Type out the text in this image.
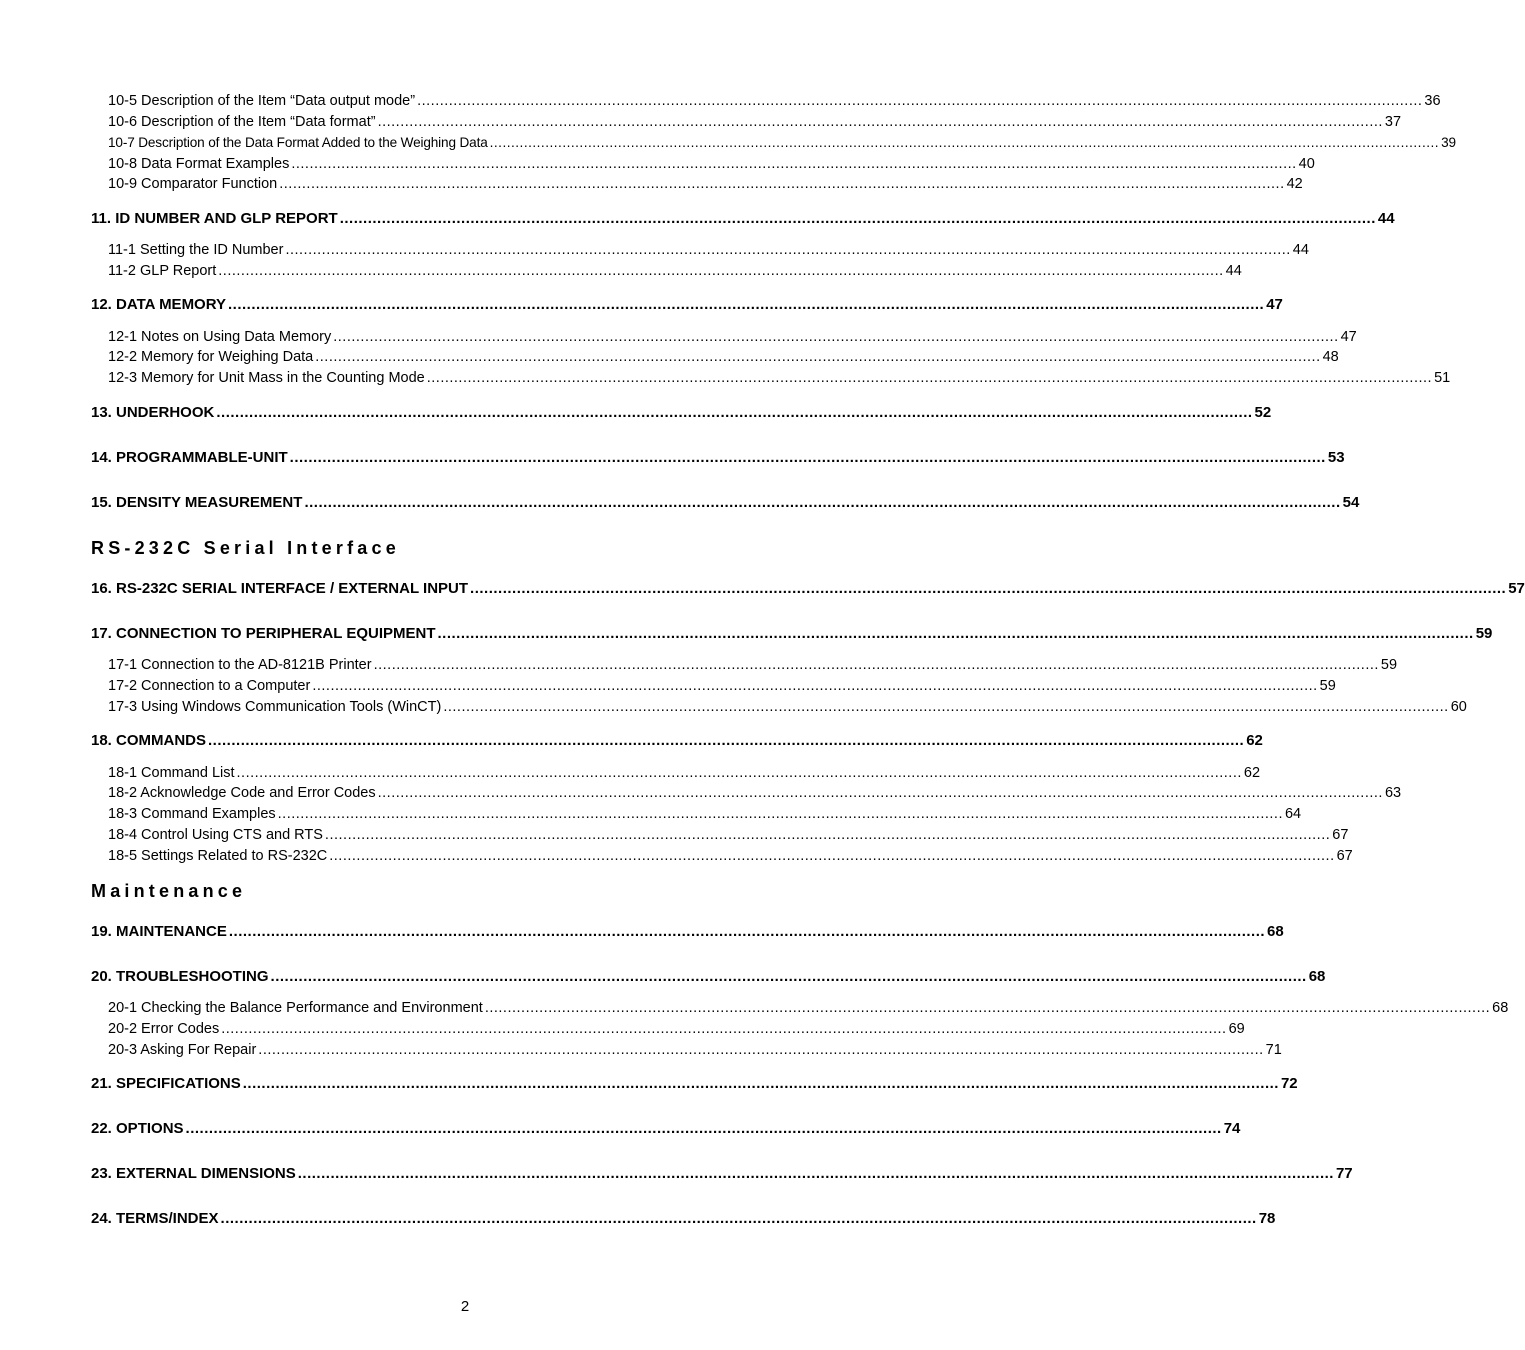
10-5 Description of the Item “Data output mode” .............................................................................................................................................................................................................................. 36
10-6 Description of the Item “Data format” .............................................................................................................................................................................................................................. 37
10-7 Description of the Data Format Added to the Weighing Data .............................................................................................................................................................................................................................. 39
10-8 Data Format Examples .............................................................................................................................................................................................................................. 40
10-9 Comparator Function .............................................................................................................................................................................................................................. 42
11. ID NUMBER AND GLP REPORT .............................................................................................................................................................................................................................. 44
11-1 Setting the ID Number .............................................................................................................................................................................................................................. 44
11-2 GLP Report .............................................................................................................................................................................................................................. 44
12. DATA MEMORY .............................................................................................................................................................................................................................. 47
12-1 Notes on Using Data Memory .............................................................................................................................................................................................................................. 47
12-2 Memory for Weighing Data .............................................................................................................................................................................................................................. 48
12-3 Memory for Unit Mass in the Counting Mode .............................................................................................................................................................................................................................. 51
13. UNDERHOOK .............................................................................................................................................................................................................................. 52
14. PROGRAMMABLE-UNIT .............................................................................................................................................................................................................................. 53
15. DENSITY MEASUREMENT .............................................................................................................................................................................................................................. 54
RS-232C Serial Interface
16. RS-232C SERIAL INTERFACE / EXTERNAL INPUT .............................................................................................................................................................................................................................. 57
17. CONNECTION TO PERIPHERAL EQUIPMENT .............................................................................................................................................................................................................................. 59
17-1 Connection to the AD-8121B Printer .............................................................................................................................................................................................................................. 59
17-2 Connection to a Computer .............................................................................................................................................................................................................................. 59
17-3 Using Windows Communication Tools (WinCT) .............................................................................................................................................................................................................................. 60
18. COMMANDS .............................................................................................................................................................................................................................. 62
18-1 Command List .............................................................................................................................................................................................................................. 62
18-2 Acknowledge Code and Error Codes .............................................................................................................................................................................................................................. 63
18-3 Command Examples .............................................................................................................................................................................................................................. 64
18-4 Control Using CTS and RTS .............................................................................................................................................................................................................................. 67
18-5 Settings Related to RS-232C .............................................................................................................................................................................................................................. 67
Maintenance
19. MAINTENANCE .............................................................................................................................................................................................................................. 68
20. TROUBLESHOOTING .............................................................................................................................................................................................................................. 68
20-1 Checking the Balance Performance and Environment .............................................................................................................................................................................................................................. 68
20-2 Error Codes .............................................................................................................................................................................................................................. 69
20-3 Asking For Repair .............................................................................................................................................................................................................................. 71
21. SPECIFICATIONS .............................................................................................................................................................................................................................. 72
22. OPTIONS .............................................................................................................................................................................................................................. 74
23. EXTERNAL DIMENSIONS .............................................................................................................................................................................................................................. 77
24. TERMS/INDEX .............................................................................................................................................................................................................................. 78
2
